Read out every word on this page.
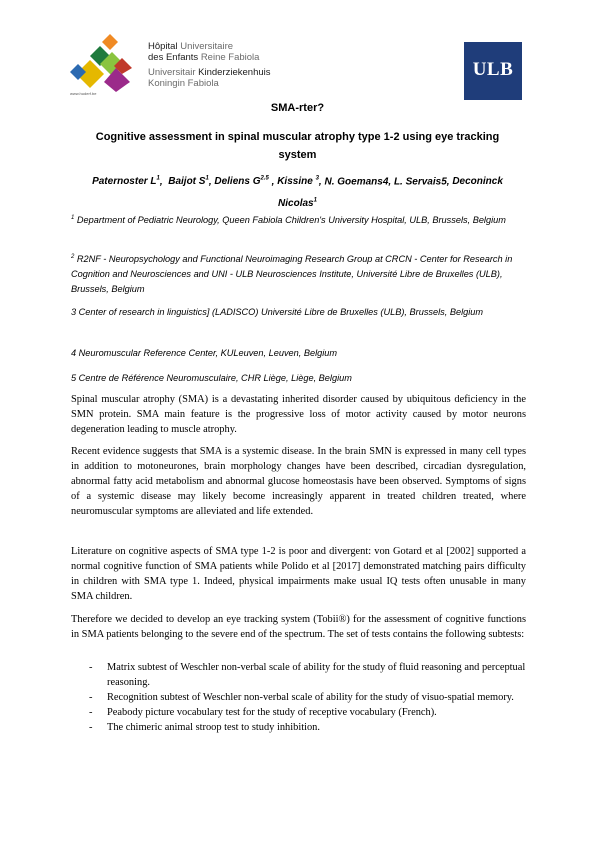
Hôpital Universitaire
des Enfants Reine Fabiola
Universitair Kinderziekenhuis
Koningin Fabiola
www.huderf.be
ULB
SMA-rter?
Cognitive assessment in spinal muscular atrophy type 1-2 using eye tracking system
Paternoster $L^1$,  Baijot $S^1$, Deliens $G^{2.5}$ , Kissine $^3$, N. Goemans4, L. Servais5, Deconinck Nicolas$^1$
$^1$ Department of Pediatric Neurology, Queen Fabiola Children's University Hospital, ULB, Brussels, Belgium
$^2$ R2NF - Neuropsychology and Functional Neuroimaging Research Group at CRCN - Center for Research in Cognition and Neurosciences and UNI - ULB Neurosciences Institute, Université Libre de Bruxelles (ULB), Brussels, Belgium
3 Center of research in linguistics] (LADISCO) Université Libre de Bruxelles (ULB), Brussels, Belgium
4 Neuromuscular Reference Center, KULeuven, Leuven, Belgium
5 Centre de Référence Neuromusculaire, CHR Liège, Liège, Belgium

Spinal muscular atrophy (SMA) is a devastating inherited disorder caused by ubiquitous deficiency in the SMN protein. SMA main feature is the progressive loss of motor activity caused by motor neurons degeneration leading to muscle atrophy.

Recent evidence suggests that SMA is a systemic disease. In the brain SMN is expressed in many cell types in addition to motoneurones, brain morphology changes have been described, circadian dysregulation, abnormal fatty acid metabolism and abnormal glucose homeostasis have been observed. Symptoms of signs of a systemic disease may likely become increasingly apparent in treated children treated, where neuromuscular symptoms are alleviated and life extended.

Literature on cognitive aspects of SMA type 1-2 is poor and divergent: von Gotard et al [2002] supported a normal cognitive function of SMA patients while Polido et al [2017] demonstrated matching pairs difficulty in children with SMA type 1. Indeed, physical impairments make usual IQ tests often unusable in many SMA children.

Therefore we decided to develop an eye tracking system (Tobii®) for the assessment of cognitive functions in SMA patients belonging to the severe end of the spectrum. The set of tests contains the following subtests:

- Matrix subtest of Weschler non-verbal scale of ability for the study of fluid reasoning and perceptual reasoning.
- Recognition subtest of Weschler non-verbal scale of ability for the study of visuo-spatial memory.
- Peabody picture vocabulary test for the study of receptive vocabulary (French).
- The chimeric animal stroop test to study inhibition.
